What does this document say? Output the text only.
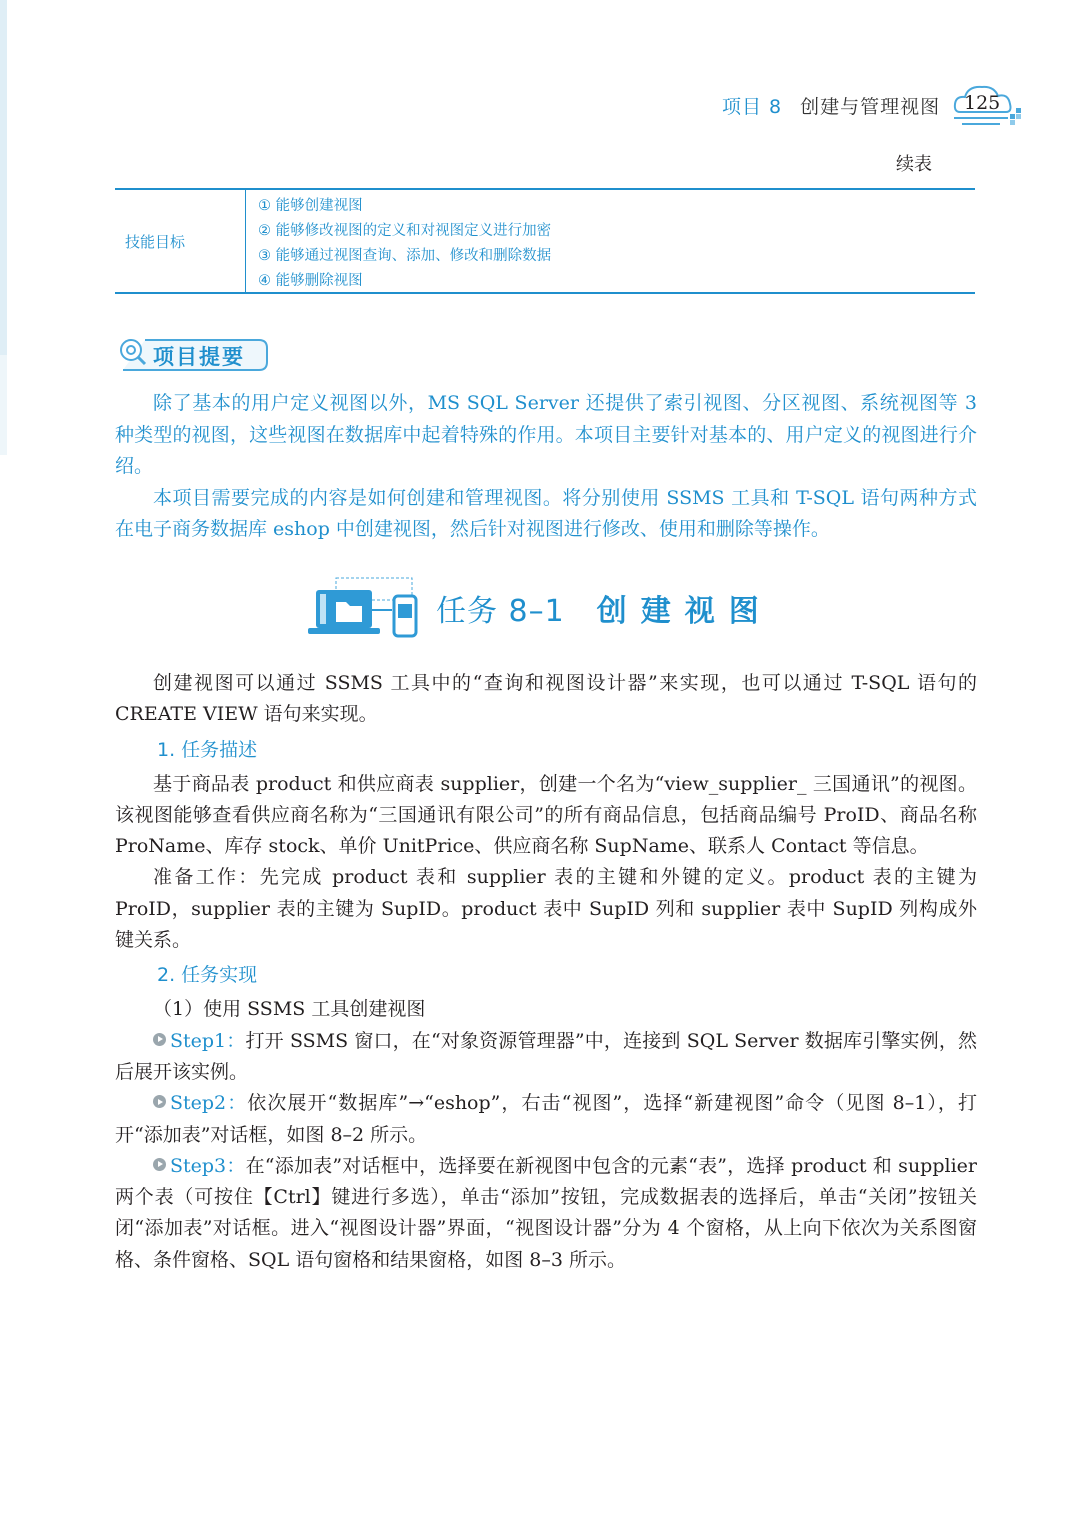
项目 8 创建与管理视图 125
续表
技能目标
① 能够创建视图
② 能够修改视图的定义和对视图定义进行加密
③ 能够通过视图查询、添加、修改和删除数据
④ 能够删除视图
项目提要

除了基本的用户定义视图以外，MS SQL Server 还提供了索引视图、分区视图、系统视图等 3 种类型的视图，这些视图在数据库中起着特殊的作用。本项目主要针对基本的、用户定义的视图进行介绍。

本项目需要完成的内容是如何创建和管理视图。将分别使用 SSMS 工具和 T-SQL 语句两种方式在电子商务数据库 eshop 中创建视图，然后针对视图进行修改、使用和删除等操作。

任务 8–1 创建视图

创建视图可以通过 SSMS 工具中的“查询和视图设计器”来实现，也可以通过 T-SQL 语句的 CREATE VIEW 语句来实现。

1. 任务描述

基于商品表 product 和供应商表 supplier，创建一个名为“view_supplier_ 三国通讯”的视图。该视图能够查看供应商名称为“三国通讯有限公司”的所有商品信息，包括商品编号 ProID、商品名称 ProName、库存 stock、单价 UnitPrice、供应商名称 SupName、联系人 Contact 等信息。

准备工作：先完成 product 表和 supplier 表的主键和外键的定义。product 表的主键为 ProID，supplier 表的主键为 SupID。product 表中 SupID 列和 supplier 表中 SupID 列构成外键关系。

2. 任务实现

（1）使用 SSMS 工具创建视图

Step1：打开 SSMS 窗口，在“对象资源管理器”中，连接到 SQL Server 数据库引擎实例，然后展开该实例。

Step2：依次展开“数据库”→“eshop”，右击“视图”，选择“新建视图”命令（见图 8–1），打开“添加表”对话框，如图 8–2 所示。

Step3：在“添加表”对话框中，选择要在新视图中包含的元素“表”，选择 product 和 supplier 两个表（可按住【Ctrl】键进行多选），单击“添加”按钮，完成数据表的选择后，单击“关闭”按钮关闭“添加表”对话框。进入“视图设计器”界面，“视图设计器”分为 4 个窗格，从上向下依次为关系图窗格、条件窗格、SQL 语句窗格和结果窗格，如图 8–3 所示。
